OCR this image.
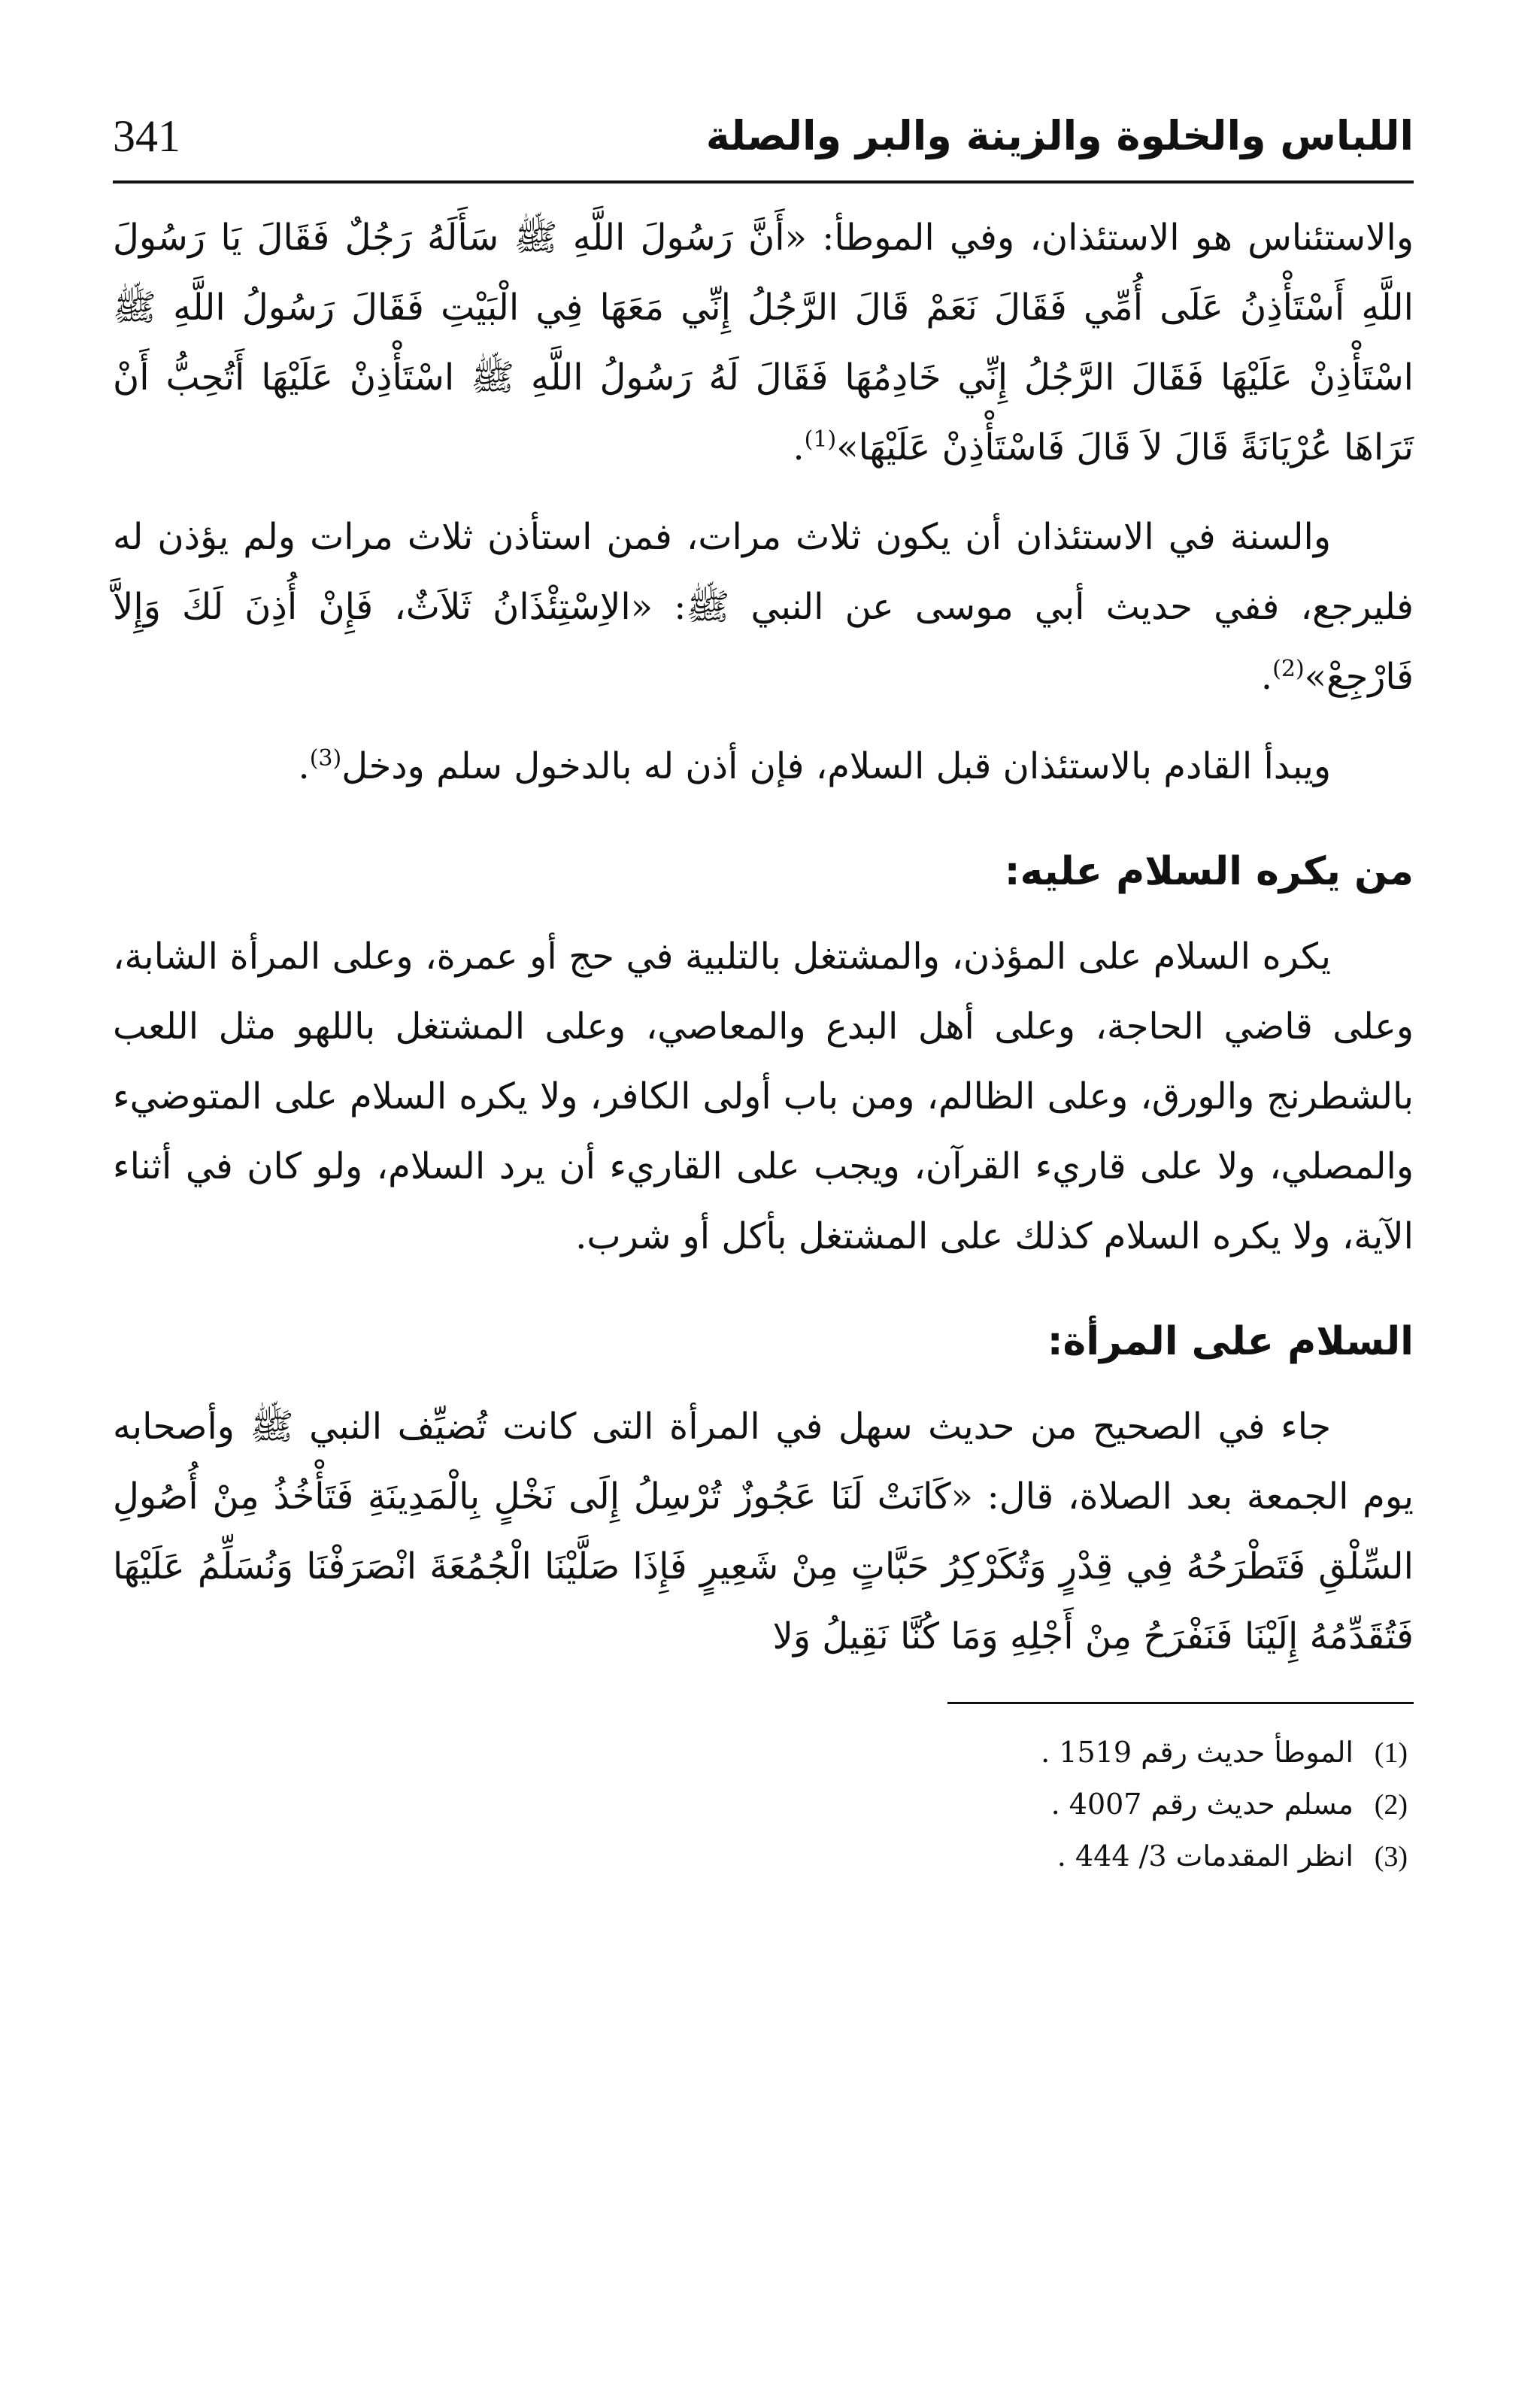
اللباس والخلوة والزينة والبر والصلة
341

والاستئناس هو الاستئذان، وفي الموطأ: «أَنَّ رَسُولَ اللَّهِ ﷺ سَأَلَهُ رَجُلٌ فَقَالَ يَا رَسُولَ اللَّهِ أَسْتَأْذِنُ عَلَى أُمِّي فَقَالَ نَعَمْ قَالَ الرَّجُلُ إِنِّي مَعَهَا فِي الْبَيْتِ فَقَالَ رَسُولُ اللَّهِ ﷺ اسْتَأْذِنْ عَلَيْهَا فَقَالَ الرَّجُلُ إِنِّي خَادِمُهَا فَقَالَ لَهُ رَسُولُ اللَّهِ ﷺ اسْتَأْذِنْ عَلَيْهَا أَتُحِبُّ أَنْ تَرَاهَا عُرْيَانَةً قَالَ لاَ قَالَ فَاسْتَأْذِنْ عَلَيْهَا»$^{(1)}$.

والسنة في الاستئذان أن يكون ثلاث مرات، فمن استأذن ثلاث مرات ولم يؤذن له فليرجع، ففي حديث أبي موسى عن النبي ﷺ: «الاِسْتِئْذَانُ ثَلاَثٌ، فَإِنْ أُذِنَ لَكَ وَإِلاَّ فَارْجِعْ»$^{(2)}$.

ويبدأ القادم بالاستئذان قبل السلام، فإن أذن له بالدخول سلم ودخل$^{(3)}$.

من يكره السلام عليه:

يكره السلام على المؤذن، والمشتغل بالتلبية في حج أو عمرة، وعلى المرأة الشابة، وعلى قاضي الحاجة، وعلى أهل البدع والمعاصي، وعلى المشتغل باللهو مثل اللعب بالشطرنج والورق، وعلى الظالم، ومن باب أولى الكافر، ولا يكره السلام على المتوضيء والمصلي، ولا على قاريء القرآن، ويجب على القاريء أن يرد السلام، ولو كان في أثناء الآية، ولا يكره السلام كذلك على المشتغل بأكل أو شرب.

السلام على المرأة:

جاء في الصحيح من حديث سهل في المرأة التى كانت تُضيِّف النبي ﷺ وأصحابه يوم الجمعة بعد الصلاة، قال: «كَانَتْ لَنَا عَجُوزٌ تُرْسِلُ إِلَى نَخْلٍ بِالْمَدِينَةِ فَتَأْخُذُ مِنْ أُصُولِ السِّلْقِ فَتَطْرَحُهُ فِي قِدْرٍ وَتُكَرْكِرُ حَبَّاتٍ مِنْ شَعِيرٍ فَإِذَا صَلَّيْنَا الْجُمُعَةَ انْصَرَفْنَا وَنُسَلِّمُ عَلَيْهَا فَتُقَدِّمُهُ إِلَيْنَا فَنَفْرَحُ مِنْ أَجْلِهِ وَمَا كُنَّا نَقِيلُ وَلا

(1)الموطأ حديث رقم 1519 .
(2)مسلم حديث رقم 4007 .
(3)انظر المقدمات 3/ 444 .
